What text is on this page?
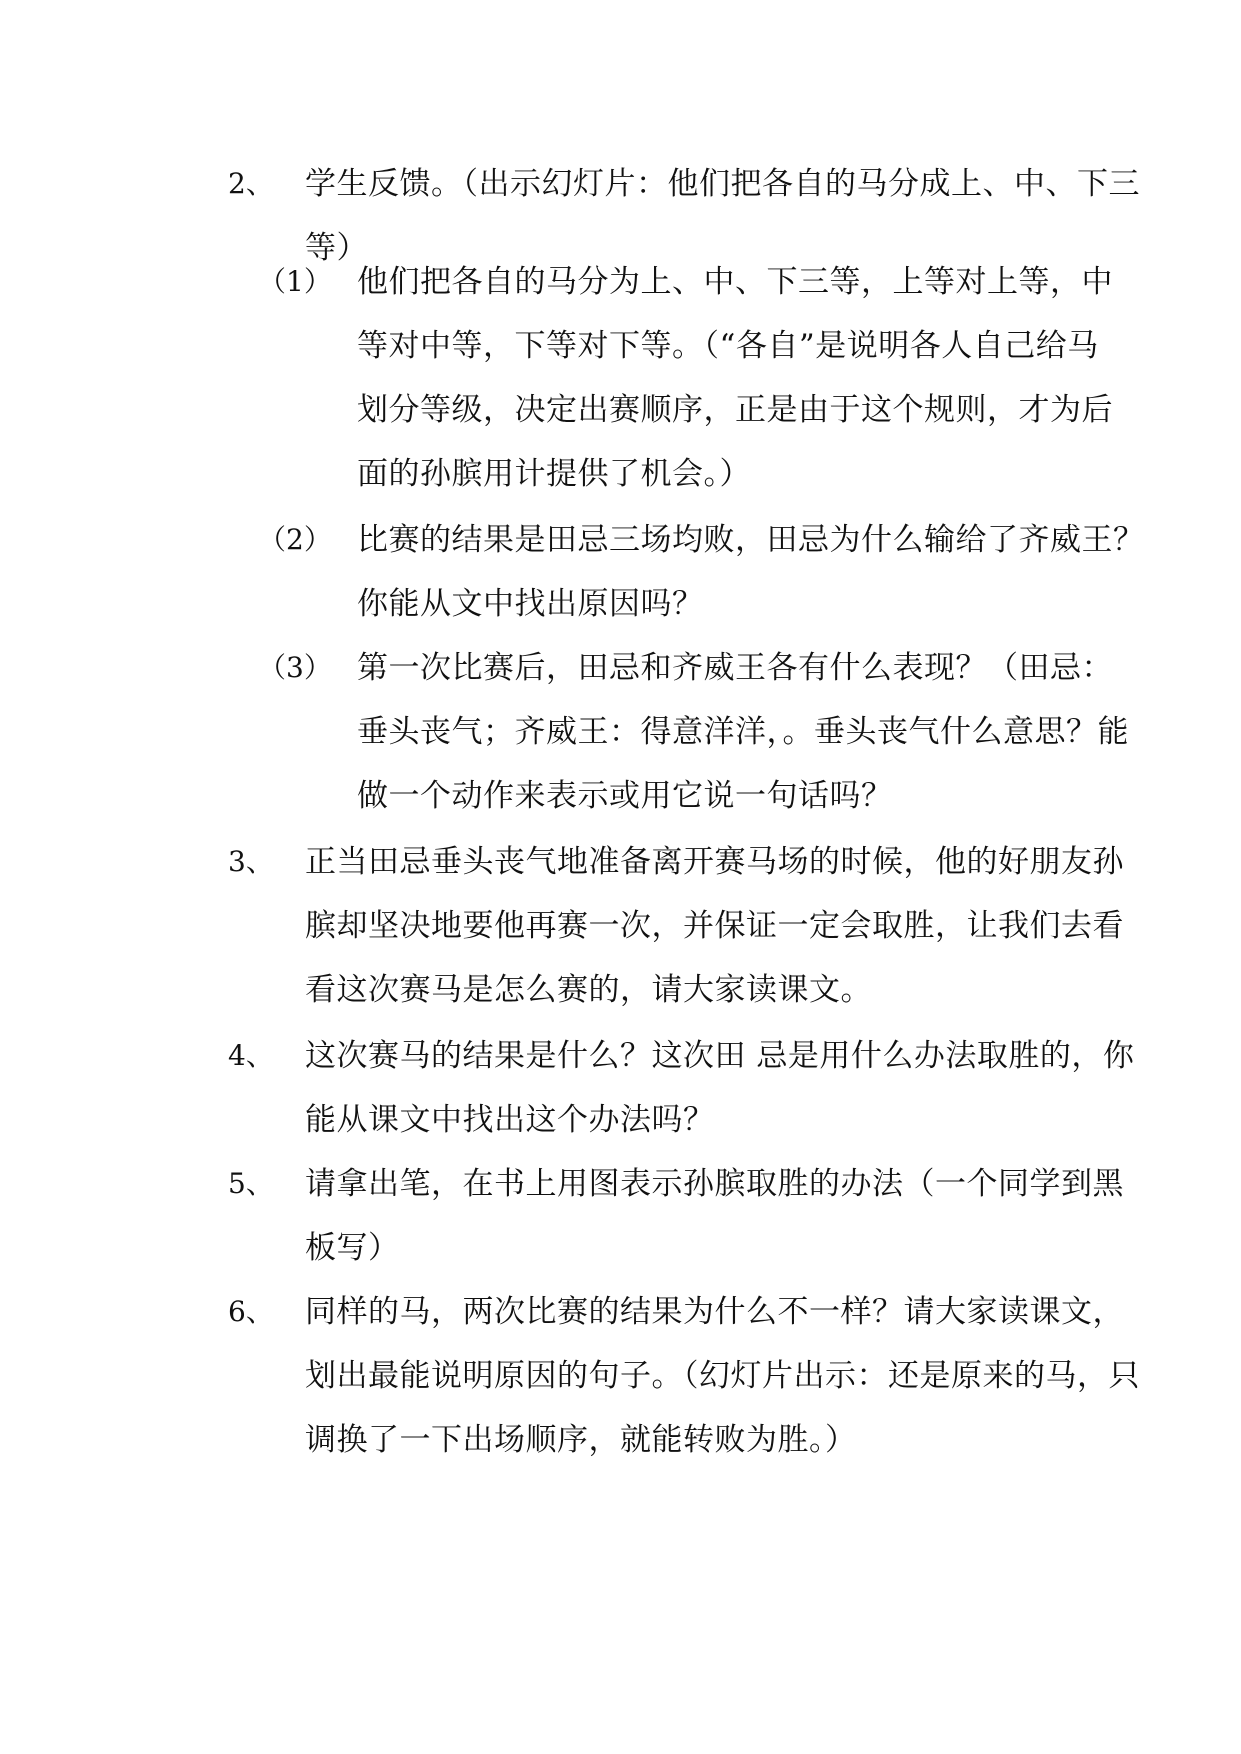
2、 学生反馈。（出示幻灯片：他们把各自的马分成上、中、下三
等）
（1） 他们把各自的马分为上、中、下三等，上等对上等，中
等对中等，下等对下等。（“各自”是说明各人自己给马
划分等级，决定出赛顺序，正是由于这个规则，才为后
面的孙膑用计提供了机会。）
（2） 比赛的结果是田忌三场均败，田忌为什么输给了齐威王？
你能从文中找出原因吗？
（3） 第一次比赛后，田忌和齐威王各有什么表现？（田忌：
垂头丧气；齐威王：得意洋洋，。垂头丧气什么意思？能
做一个动作来表示或用它说一句话吗？
3、 正当田忌垂头丧气地准备离开赛马场的时候，他的好朋友孙
膑却坚决地要他再赛一次，并保证一定会取胜，让我们去看
看这次赛马是怎么赛的，请大家读课文。
4、 这次赛马的结果是什么？这次田 忌是用什么办法取胜的，你
能从课文中找出这个办法吗？
5、 请拿出笔，在书上用图表示孙膑取胜的办法（一个同学到黑
板写）
6、 同样的马，两次比赛的结果为什么不一样？请大家读课文，
划出最能说明原因的句子。（幻灯片出示：还是原来的马，只
调换了一下出场顺序，就能转败为胜。）
